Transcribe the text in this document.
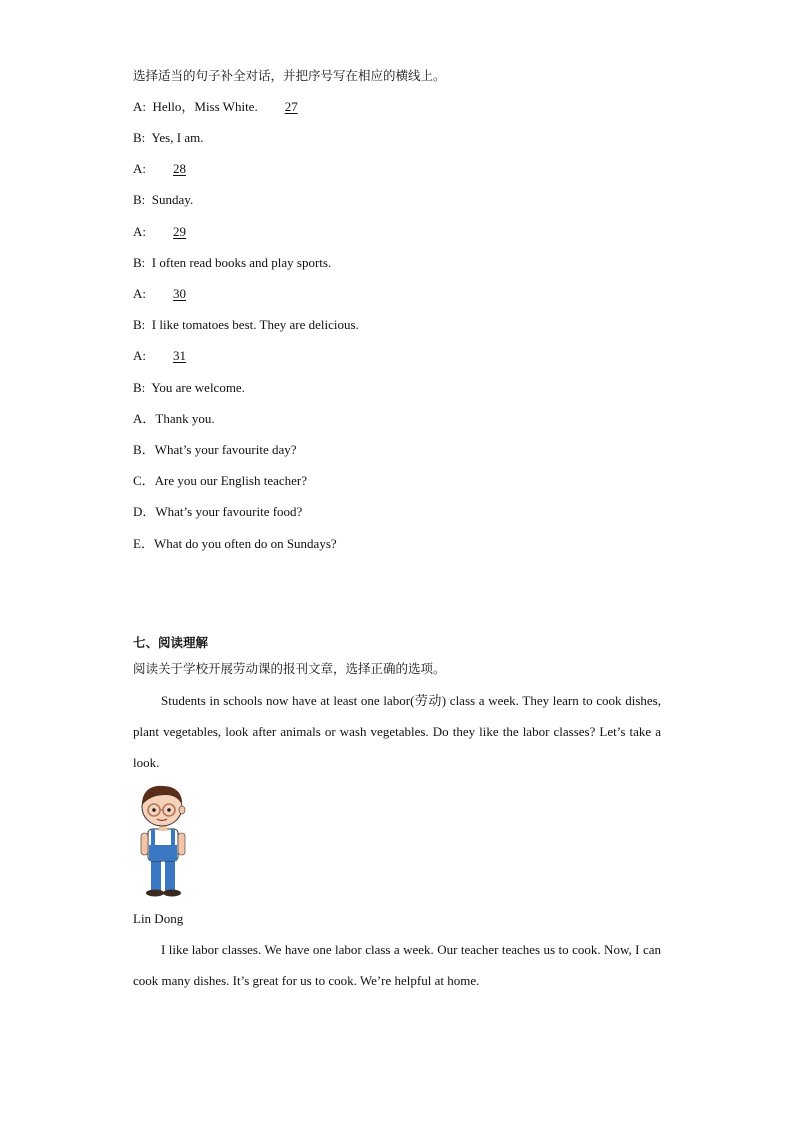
选择适当的句子补全对话，并把序号写在相应的横线上。
A: Hello，Miss White. 27
B: Yes, I am.
A: 28
B: Sunday.
A: 29
B: I often read books and play sports.
A: 30
B: I like tomatoes best. They are delicious.
A: 31
B: You are welcome.
A．Thank you.
B．What’s your favourite day?
C．Are you our English teacher?
D．What’s your favourite food?
E．What do you often do on Sundays?
七、阅读理解
阅读关于学校开展劳动课的报刊文章，选择正确的选项。
Students in schools now have at least one labor(劳动) class a week. They learn to cook dishes, plant vegetables, look after animals or wash vegetables. Do they like the labor classes? Let’s take a look.
Lin Dong
I like labor classes. We have one labor class a week. Our teacher teaches us to cook. Now, I can cook many dishes. It’s great for us to cook. We’re helpful at home.
